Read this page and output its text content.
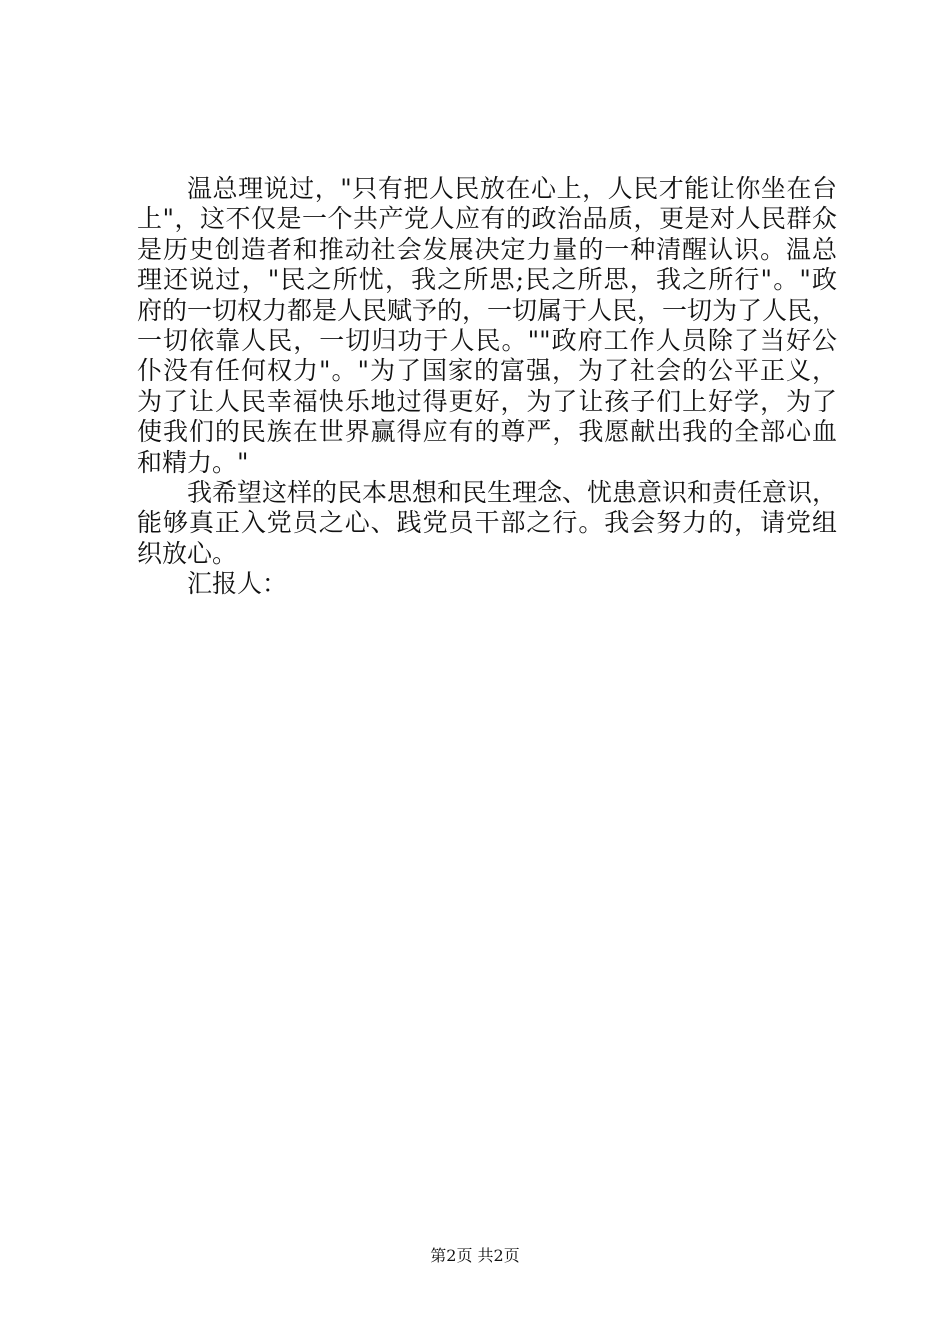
温总理说过，"只有把人民放在心上，人民才能让你坐在台
上"，这不仅是一个共产党人应有的政治品质，更是对人民群众
是历史创造者和推动社会发展决定力量的一种清醒认识。温总
理还说过，"民之所忧，我之所思;民之所思，我之所行"。"政
府的一切权力都是人民赋予的，一切属于人民，一切为了人民，
一切依靠人民，一切归功于人民。""政府工作人员除了当好公
仆没有任何权力"。"为了国家的富强，为了社会的公平正义，
为了让人民幸福快乐地过得更好，为了让孩子们上好学，为了
使我们的民族在世界赢得应有的尊严，我愿献出我的全部心血
和精力。"
我希望这样的民本思想和民生理念、忧患意识和责任意识，
能够真正入党员之心、践党员干部之行。我会努力的，请党组
织放心。
汇报人：
第2页 共2页
